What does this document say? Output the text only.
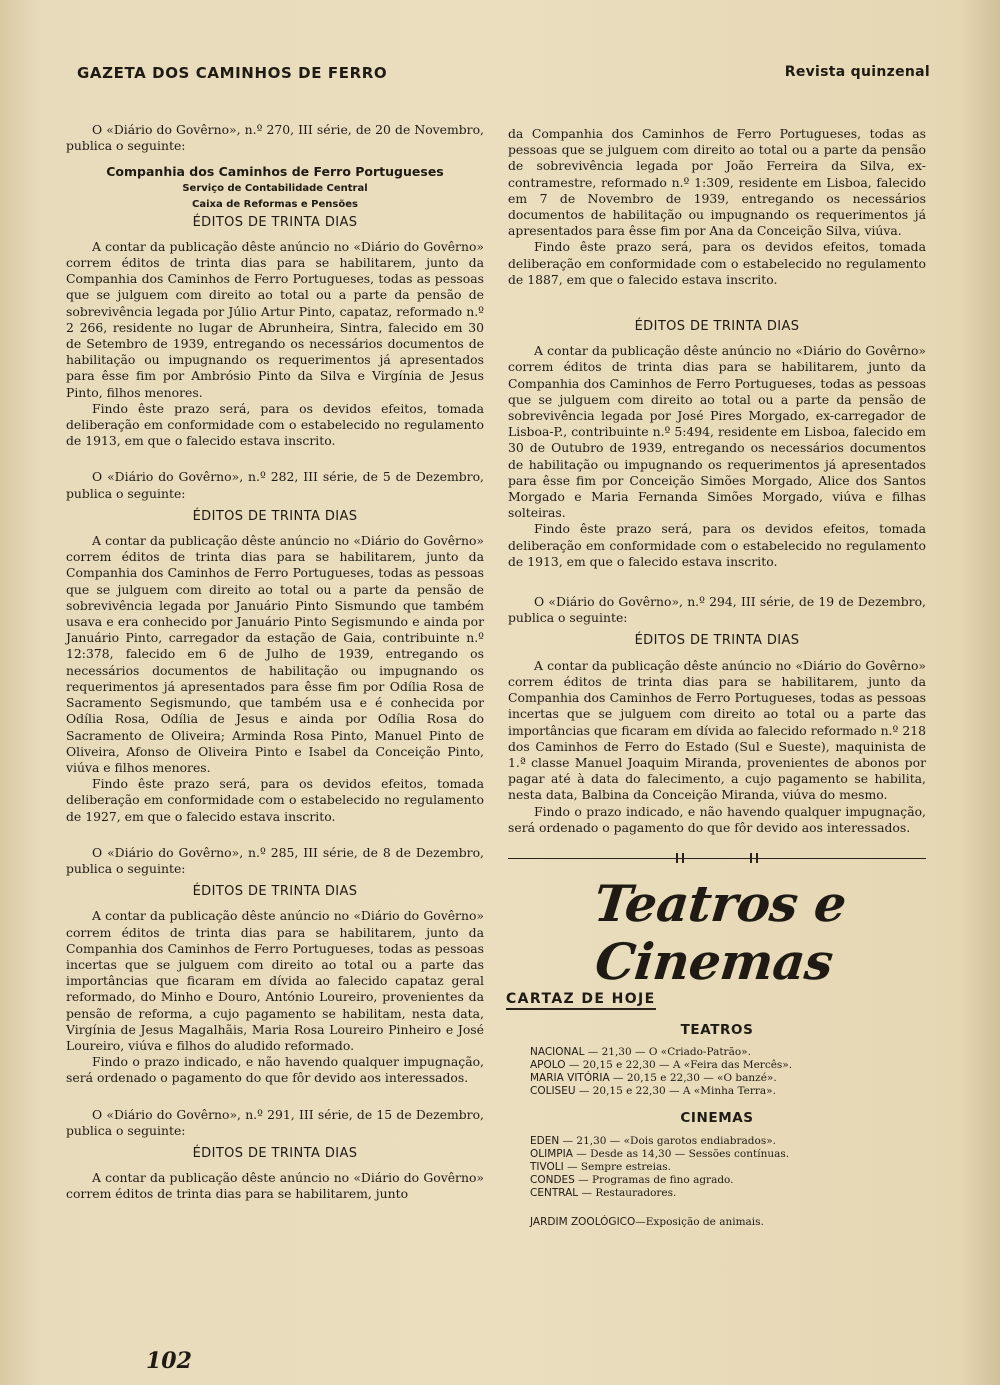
GAZETA DOS CAMINHOS DE FERRO	Revista quinzenal

O «Diário do Govêrno», n.º 270, III série, de 20 de Novembro, publica o seguinte:

Companhia dos Caminhos de Ferro Portugueses
Serviço de Contabilidade Central
Caixa de Reformas e Pensões
ÉDITOS DE TRINTA DIAS

A contar da publicação dêste anúncio no «Diário do Govêrno» correm éditos de trinta dias para se habilitarem, junto da Companhia dos Caminhos de Ferro Portugueses, todas as pessoas que se julguem com direito ao total ou a parte da pensão de sobrevivência legada por Júlio Artur Pinto, capataz, reformado n.º 2 266, residente no lugar de Abrunheira, Sintra, falecido em 30 de Setembro de 1939, entregando os necessários documentos de habilitação ou impugnando os requerimentos já apresentados para êsse fim por Ambrósio Pinto da Silva e Virgínia de Jesus Pinto, filhos menores.

Findo êste prazo será, para os devidos efeitos, tomada deliberação em conformidade com o estabelecido no regulamento de 1913, em que o falecido estava inscrito.

O «Diário do Govêrno», n.º 282, III série, de 5 de Dezembro, publica o seguinte:

ÉDITOS DE TRINTA DIAS

A contar da publicação dêste anúncio no «Diário do Govêrno» correm éditos de trinta dias para se habilitarem, junto da Companhia dos Caminhos de Ferro Portugueses, todas as pessoas que se julguem com direito ao total ou a parte da pensão de sobrevivência legada por Januário Pinto Sismundo que também usava e era conhecido por Januário Pinto Segismundo e ainda por Januário Pinto, carregador da estação de Gaia, contribuinte n.º 12:378, falecido em 6 de Julho de 1939, entregando os necessários documentos de habilitação ou impugnando os requerimentos já apresentados para êsse fim por Odília Rosa de Sacramento Segismundo, que também usa e é conhecida por Odília Rosa, Odília de Jesus e ainda por Odília Rosa do Sacramento de Oliveira; Arminda Rosa Pinto, Manuel Pinto de Oliveira, Afonso de Oliveira Pinto e Isabel da Conceição Pinto, viúva e filhos menores.

Findo êste prazo será, para os devidos efeitos, tomada deliberação em conformidade com o estabelecido no regulamento de 1927, em que o falecido estava inscrito.

O «Diário do Govêrno», n.º 285, III série, de 8 de Dezembro, publica o seguinte:

ÉDITOS DE TRINTA DIAS

A contar da publicação dêste anúncio no «Diário do Govêrno» correm éditos de trinta dias para se habilitarem, junto da Companhia dos Caminhos de Ferro Portugueses, todas as pessoas incertas que se julguem com direito ao total ou a parte das importâncias que ficaram em dívida ao falecido capataz geral reformado, do Minho e Douro, António Loureiro, provenientes da pensão de reforma, a cujo pagamento se habilitam, nesta data, Virgínia de Jesus Magalhãis, Maria Rosa Loureiro Pinheiro e José Loureiro, viúva e filhos do aludido reformado.

Findo o prazo indicado, e não havendo qualquer impugnação, será ordenado o pagamento do que fôr devido aos interessados.

O «Diário do Govêrno», n.º 291, III série, de 15 de Dezembro, publica o seguinte:

ÉDITOS DE TRINTA DIAS

A contar da publicação dêste anúncio no «Diário do Govêrno» correm éditos de trinta dias para se habilitarem, junto

da Companhia dos Caminhos de Ferro Portugueses, todas as pessoas que se julguem com direito ao total ou a parte da pensão de sobrevivência legada por João Ferreira da Silva, ex-contramestre, reformado n.º 1:309, residente em Lisboa, falecido em 7 de Novembro de 1939, entregando os necessários documentos de habilitação ou impugnando os requerimentos já apresentados para êsse fim por Ana da Conceição Silva, viúva.

Findo êste prazo será, para os devidos efeitos, tomada deliberação em conformidade com o estabelecido no regulamento de 1887, em que o falecido estava inscrito.

ÉDITOS DE TRINTA DIAS

A contar da publicação dêste anúncio no «Diário do Govêrno» correm éditos de trinta dias para se habilitarem, junto da Companhia dos Caminhos de Ferro Portugueses, todas as pessoas que se julguem com direito ao total ou a parte da pensão de sobrevivência legada por José Pires Morgado, ex-carregador de Lisboa-P., contribuinte n.º 5:494, residente em Lisboa, falecido em 30 de Outubro de 1939, entregando os necessários documentos de habilitação ou impugnando os requerimentos já apresentados para êsse fim por Conceição Simões Morgado, Alice dos Santos Morgado e Maria Fernanda Simões Morgado, viúva e filhas solteiras.

Findo êste prazo será, para os devidos efeitos, tomada deliberação em conformidade com o estabelecido no regulamento de 1913, em que o falecido estava inscrito.

O «Diário do Govêrno», n.º 294, III série, de 19 de Dezembro, publica o seguinte:

ÉDITOS DE TRINTA DIAS

A contar da publicação dêste anúncio no «Diário do Govêrno» correm éditos de trinta dias para se habilitarem, junto da Companhia dos Caminhos de Ferro Portugueses, todas as pessoas incertas que se julguem com direito ao total ou a parte das importâncias que ficaram em dívida ao falecido reformado n.º 218 dos Caminhos de Ferro do Estado (Sul e Sueste), maquinista de 1.ª classe Manuel Joaquim Miranda, provenientes de abonos por pagar até à data do falecimento, a cujo pagamento se habilita, nesta data, Balbina da Conceição Miranda, viúva do mesmo.

Findo o prazo indicado, e não havendo qualquer impugnação, será ordenado o pagamento do que fôr devido aos interessados.

Teatros e Cinemas
CARTAZ DE HOJE
TEATROS
NACIONAL — 21,30 — O «Criado-Patrão».
APOLO — 20,15 e 22,30 — A «Feira das Mercês».
MARIA VITÓRIA — 20,15 e 22,30 — «O banzé».
COLISEU — 20,15 e 22,30 — A «Minha Terra».
CINEMAS
EDEN — 21,30 — «Dois garotos endiabrados».
OLIMPIA — Desde as 14,30 — Sessões contínuas.
TIVOLI — Sempre estreias.
CONDES — Programas de fino agrado.
CENTRAL — Restauradores.
JARDIM ZOOLÓGICO—Exposição de animais.
102
